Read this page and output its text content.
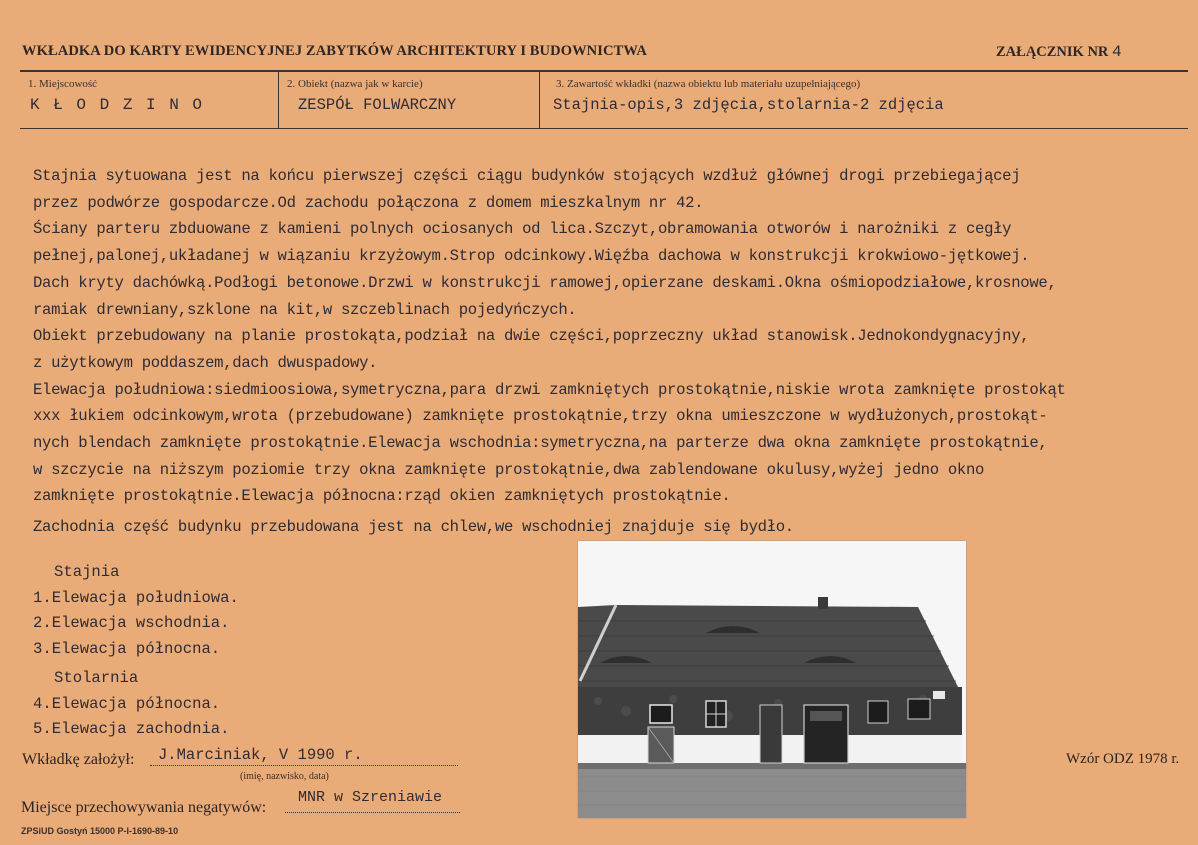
WKŁADKA DO KARTY EWIDENCYJNEJ ZABYTKÓW ARCHITEKTURY I BUDOWNICTWA	ZAŁĄCZNIK NR 4
1. Miejscowość
K Ł O D Z I N O
2. Obiekt (nazwa jak w karcie)
ZESPÓŁ FOLWARCZNY
3. Zawartość wkładki (nazwa obiektu lub materiału uzupełniającego)
Stajnia-opis,3 zdjęcia,stolarnia-2 zdjęcia

Stajnia sytuowana jest na końcu pierwszej części ciągu budynków stojących wzdłuż głównej drogi przebiegającej

przez podwórze gospodarcze.Od zachodu połączona z domem mieszkalnym nr 42.

Ściany parteru zbduowane z kamieni polnych ociosanych od lica.Szczyt,obramowania otworów i narożniki z cegły

pełnej,palonej,układanej w wiązaniu krzyżowym.Strop odcinkowy.Więźba dachowa w konstrukcji krokwiowo-jętkowej.

Dach kryty dachówką.Podłogi betonowe.Drzwi w konstrukcji ramowej,opierzane deskami.Okna ośmiopodziałowe,krosnowe,

ramiak drewniany,szklone na kit,w szczeblinach pojedyńczych.

Obiekt przebudowany na planie prostokąta,podział na dwie części,poprzeczny układ stanowisk.Jednokondygnacyjny,

z użytkowym poddaszem,dach dwuspadowy.

Elewacja południowa:siedmioosiowa,symetryczna,para drzwi zamkniętych prostokątnie,niskie wrota zamknięte prostokąt

xxx łukiem odcinkowym,wrota (przebudowane) zamknięte prostokątnie,trzy okna umieszczone w wydłużonych,prostokąt-

nych blendach zamknięte prostokątnie.Elewacja wschodnia:symetryczna,na parterze dwa okna zamknięte prostokątnie,

w szczycie na niższym poziomie trzy okna zamknięte prostokątnie,dwa zablendowane okulusy,wyżej jedno okno

zamknięte prostokątnie.Elewacja północna:rząd okien zamkniętych prostokątnie.

Zachodnia część budynku przebudowana jest na chlew,we wschodniej znajduje się bydło.

Stajnia
1.Elewacja południowa.
2.Elewacja wschodnia.
3.Elewacja północna.
Stolarnia
4.Elewacja północna.
5.Elewacja zachodnia.
Wkładkę założył: J.Marciniak, V 1990 r.
(imię, nazwisko, data)
Miejsce przechowywania negatywów:
MNR w Szreniawie
Wzór ODZ 1978 r.
ZPSiUD Gostyń 15000 P-I-1690-89-10
